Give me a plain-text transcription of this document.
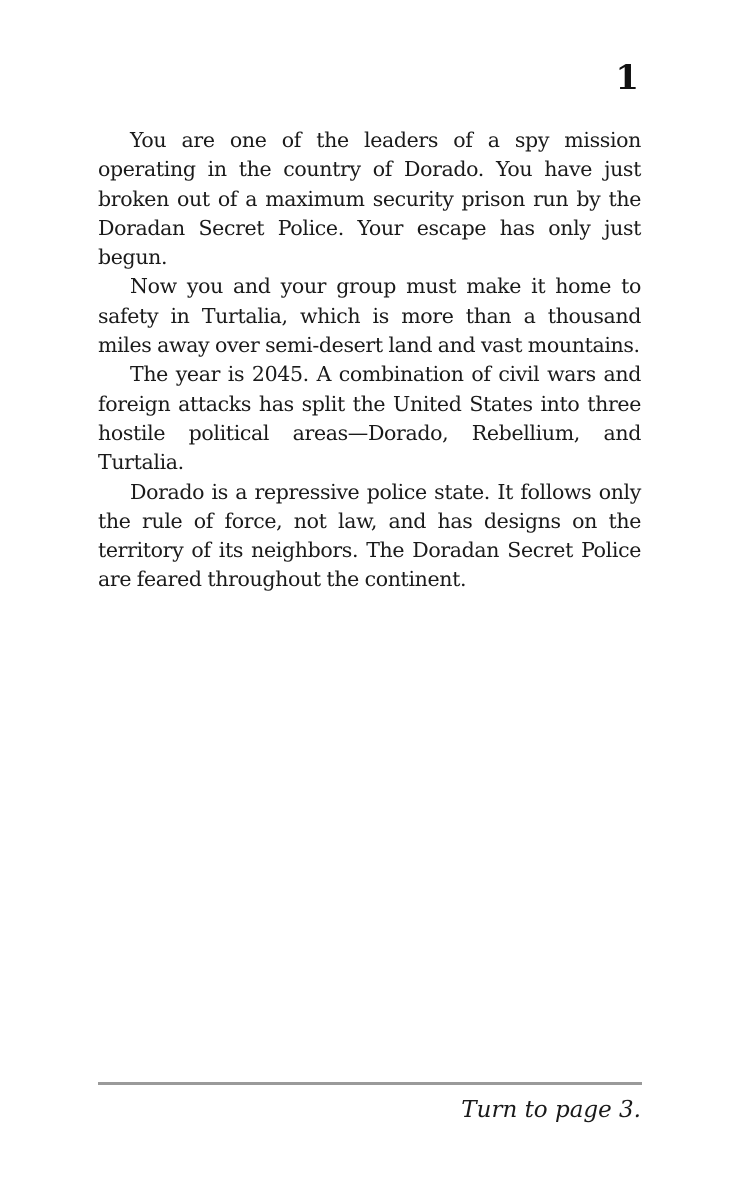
1

You are one of the leaders of a spy mission operating in the country of Dorado. You have just broken out of a maximum security prison run by the Doradan Secret Police. Your escape has only just begun.

Now you and your group must make it home to safety in Turtalia, which is more than a thousand miles away over semi-desert land and vast mountains.

The year is 2045. A combination of civil wars and foreign attacks has split the United States into three hostile political areas—Dorado, Rebellium, and Turtalia.

Dorado is a repressive police state. It follows only the rule of force, not law, and has designs on the territory of its neighbors. The Doradan Secret Police are feared throughout the continent.

Turn to page 3.
